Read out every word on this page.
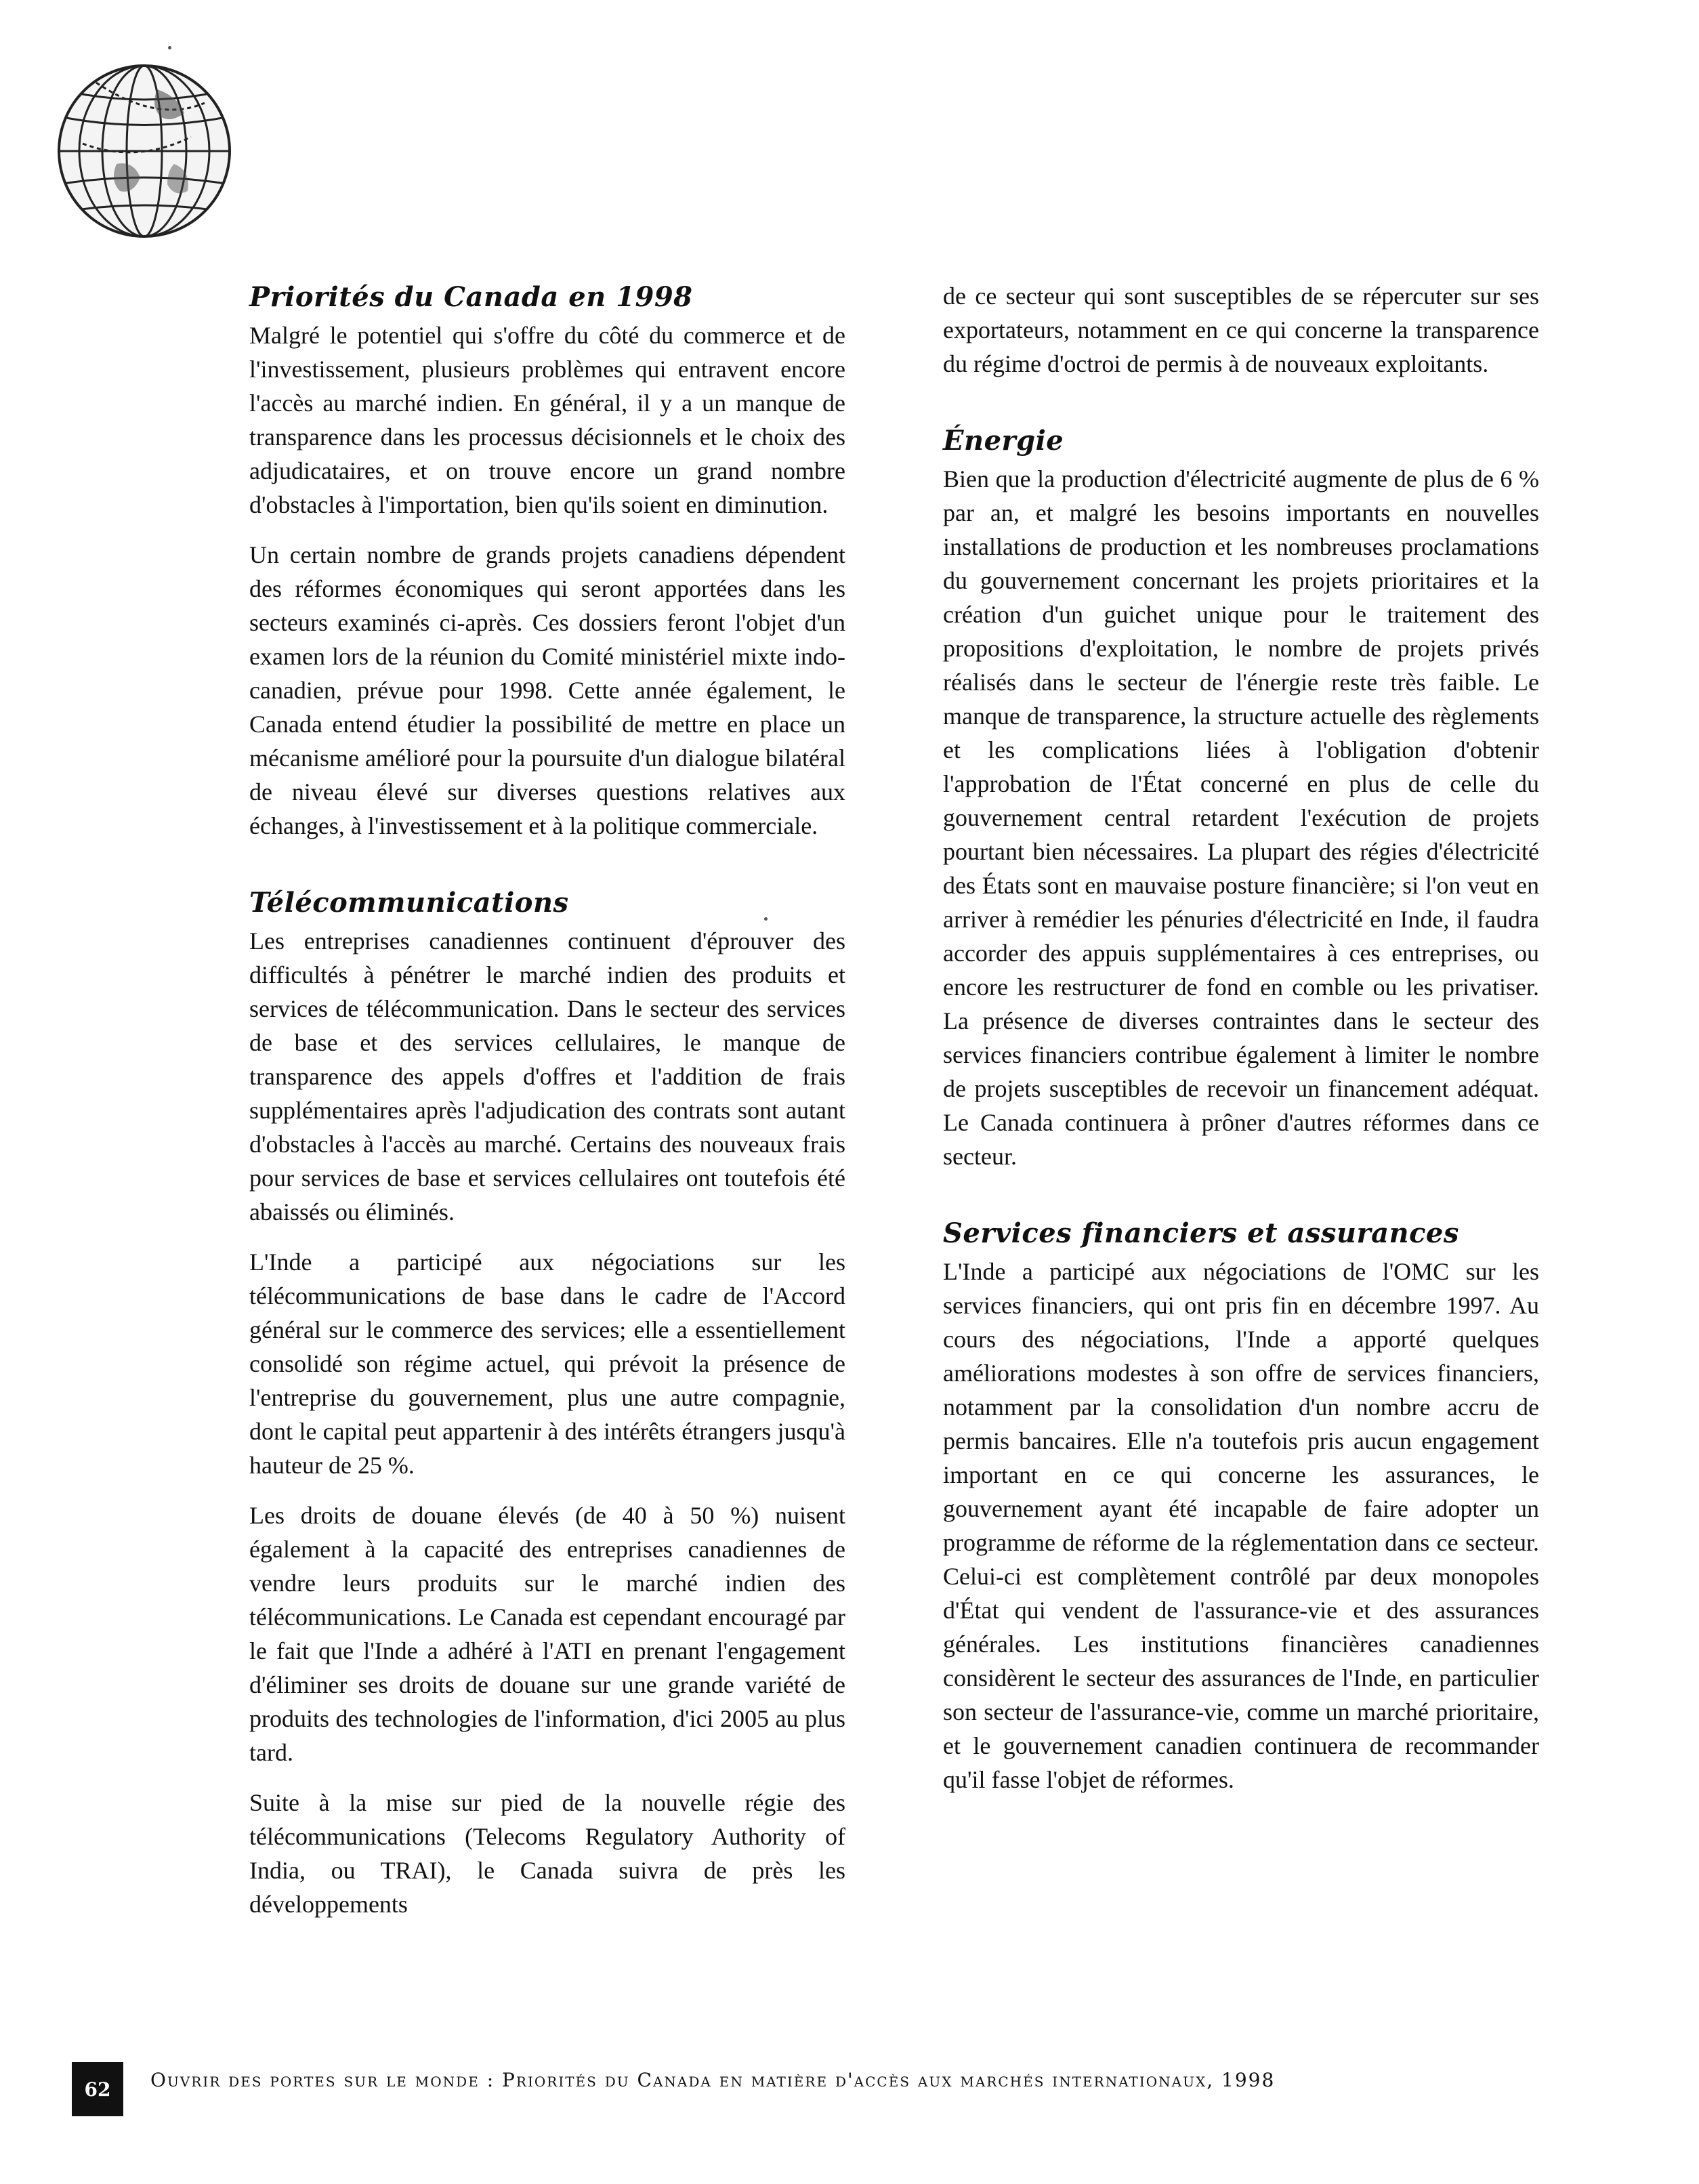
Priorités du Canada en 1998

Malgré le potentiel qui s'offre du côté du commerce et de l'investissement, plusieurs problèmes qui entravent encore l'accès au marché indien. En général, il y a un manque de transparence dans les processus décisionnels et le choix des adjudicataires, et on trouve encore un grand nombre d'obstacles à l'importation, bien qu'ils soient en diminution.

Un certain nombre de grands projets canadiens dépendent des réformes économiques qui seront apportées dans les secteurs examinés ci-après. Ces dossiers feront l'objet d'un examen lors de la réunion du Comité ministériel mixte indo-canadien, prévue pour 1998. Cette année également, le Canada entend étudier la possibilité de mettre en place un mécanisme amélioré pour la poursuite d'un dialogue bilatéral de niveau élevé sur diverses questions relatives aux échanges, à l'investissement et à la politique commerciale.

Télécommunications

Les entreprises canadiennes continuent d'éprouver des difficultés à pénétrer le marché indien des produits et services de télécommunication. Dans le secteur des services de base et des services cellulaires, le manque de transparence des appels d'offres et l'addition de frais supplémentaires après l'adjudication des contrats sont autant d'obstacles à l'accès au marché. Certains des nouveaux frais pour services de base et services cellulaires ont toutefois été abaissés ou éliminés.

L'Inde a participé aux négociations sur les télécommunications de base dans le cadre de l'Accord général sur le commerce des services; elle a essentiellement consolidé son régime actuel, qui prévoit la présence de l'entreprise du gouvernement, plus une autre compagnie, dont le capital peut appartenir à des intérêts étrangers jusqu'à hauteur de 25 %.

Les droits de douane élevés (de 40 à 50 %) nuisent également à la capacité des entreprises canadiennes de vendre leurs produits sur le marché indien des télécommunications. Le Canada est cependant encouragé par le fait que l'Inde a adhéré à l'ATI en prenant l'engagement d'éliminer ses droits de douane sur une grande variété de produits des technologies de l'information, d'ici 2005 au plus tard.

Suite à la mise sur pied de la nouvelle régie des télécommunications (Telecoms Regulatory Authority of India, ou TRAI), le Canada suivra de près les développements

de ce secteur qui sont susceptibles de se répercuter sur ses exportateurs, notamment en ce qui concerne la transparence du régime d'octroi de permis à de nouveaux exploitants.

Énergie

Bien que la production d'électricité augmente de plus de 6 % par an, et malgré les besoins importants en nouvelles installations de production et les nombreuses proclamations du gouvernement concernant les projets prioritaires et la création d'un guichet unique pour le traitement des propositions d'exploitation, le nombre de projets privés réalisés dans le secteur de l'énergie reste très faible. Le manque de transparence, la structure actuelle des règlements et les complications liées à l'obligation d'obtenir l'approbation de l'État concerné en plus de celle du gouvernement central retardent l'exécution de projets pourtant bien nécessaires. La plupart des régies d'électricité des États sont en mauvaise posture financière; si l'on veut en arriver à remédier les pénuries d'électricité en Inde, il faudra accorder des appuis supplémentaires à ces entreprises, ou encore les restructurer de fond en comble ou les privatiser. La présence de diverses contraintes dans le secteur des services financiers contribue également à limiter le nombre de projets susceptibles de recevoir un financement adéquat. Le Canada continuera à prôner d'autres réformes dans ce secteur.

Services financiers et assurances

L'Inde a participé aux négociations de l'OMC sur les services financiers, qui ont pris fin en décembre 1997. Au cours des négociations, l'Inde a apporté quelques améliorations modestes à son offre de services financiers, notamment par la consolidation d'un nombre accru de permis bancaires. Elle n'a toutefois pris aucun engagement important en ce qui concerne les assurances, le gouvernement ayant été incapable de faire adopter un programme de réforme de la réglementation dans ce secteur. Celui-ci est complètement contrôlé par deux monopoles d'État qui vendent de l'assurance-vie et des assurances générales. Les institutions financières canadiennes considèrent le secteur des assurances de l'Inde, en particulier son secteur de l'assurance-vie, comme un marché prioritaire, et le gouvernement canadien continuera de recommander qu'il fasse l'objet de réformes.

62	Ouvrir des portes sur le monde : Priorités du Canada en matière d'accès aux marchés internationaux, 1998
